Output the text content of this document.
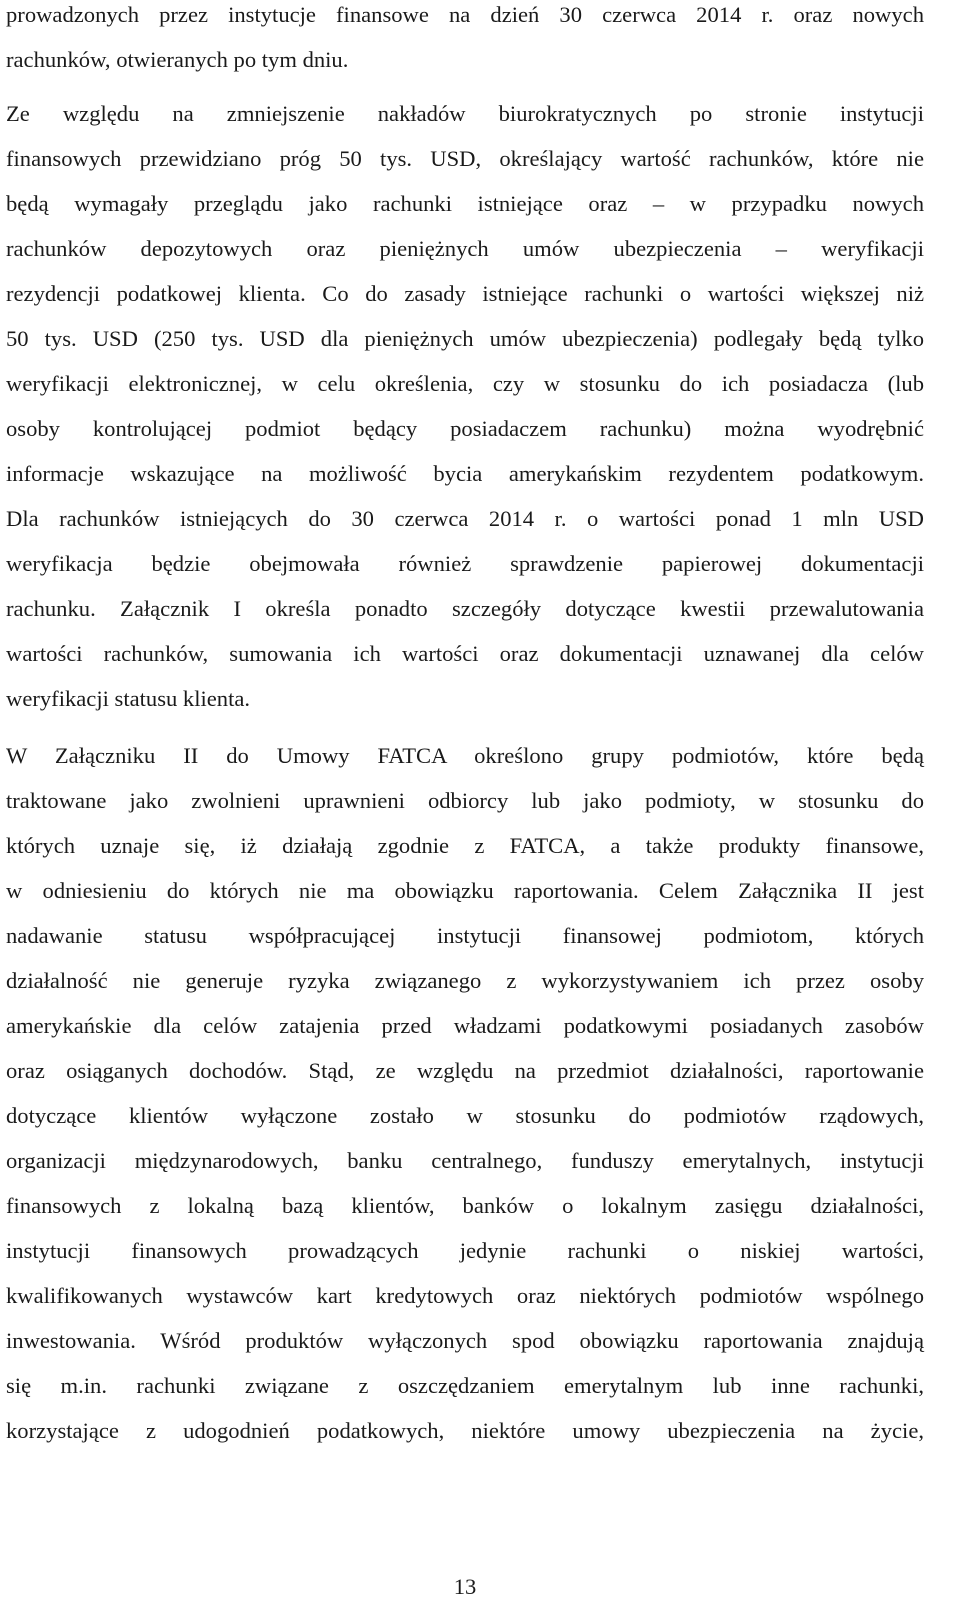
prowadzonych przez instytucje finansowe na dzień 30 czerwca 2014 r. oraz nowych
rachunków, otwieranych po tym dniu.
Ze względu na zmniejszenie nakładów biurokratycznych po stronie instytucji
finansowych przewidziano próg 50 tys. USD, określający wartość rachunków, które nie
będą wymagały przeglądu jako rachunki istniejące oraz – w przypadku nowych
rachunków depozytowych oraz pieniężnych umów ubezpieczenia – weryfikacji
rezydencji podatkowej klienta. Co do zasady istniejące rachunki o wartości większej niż
50 tys. USD (250 tys. USD dla pieniężnych umów ubezpieczenia) podlegały będą tylko
weryfikacji elektronicznej, w celu określenia, czy w stosunku do ich posiadacza (lub
osoby kontrolującej podmiot będący posiadaczem rachunku) można wyodrębnić
informacje wskazujące na możliwość bycia amerykańskim rezydentem podatkowym.
Dla rachunków istniejących do 30 czerwca 2014 r. o wartości ponad 1 mln USD
weryfikacja będzie obejmowała również sprawdzenie papierowej dokumentacji
rachunku. Załącznik I określa ponadto szczegóły dotyczące kwestii przewalutowania
wartości rachunków, sumowania ich wartości oraz dokumentacji uznawanej dla celów
weryfikacji statusu klienta.
W Załączniku II do Umowy FATCA określono grupy podmiotów, które będą
traktowane jako zwolnieni uprawnieni odbiorcy lub jako podmioty, w stosunku do
których uznaje się, iż działają zgodnie z FATCA, a także produkty finansowe,
w odniesieniu do których nie ma obowiązku raportowania. Celem Załącznika II jest
nadawanie statusu współpracującej instytucji finansowej podmiotom, których
działalność nie generuje ryzyka związanego z wykorzystywaniem ich przez osoby
amerykańskie dla celów zatajenia przed władzami podatkowymi posiadanych zasobów
oraz osiąganych dochodów. Stąd, ze względu na przedmiot działalności, raportowanie
dotyczące klientów wyłączone zostało w stosunku do podmiotów rządowych,
organizacji międzynarodowych, banku centralnego, funduszy emerytalnych, instytucji
finansowych z lokalną bazą klientów, banków o lokalnym zasięgu działalności,
instytucji finansowych prowadzących jedynie rachunki o niskiej wartości,
kwalifikowanych wystawców kart kredytowych oraz niektórych podmiotów wspólnego
inwestowania. Wśród produktów wyłączonych spod obowiązku raportowania znajdują
się m.in. rachunki związane z oszczędzaniem emerytalnym lub inne rachunki,
korzystające z udogodnień podatkowych, niektóre umowy ubezpieczenia na życie,
13
